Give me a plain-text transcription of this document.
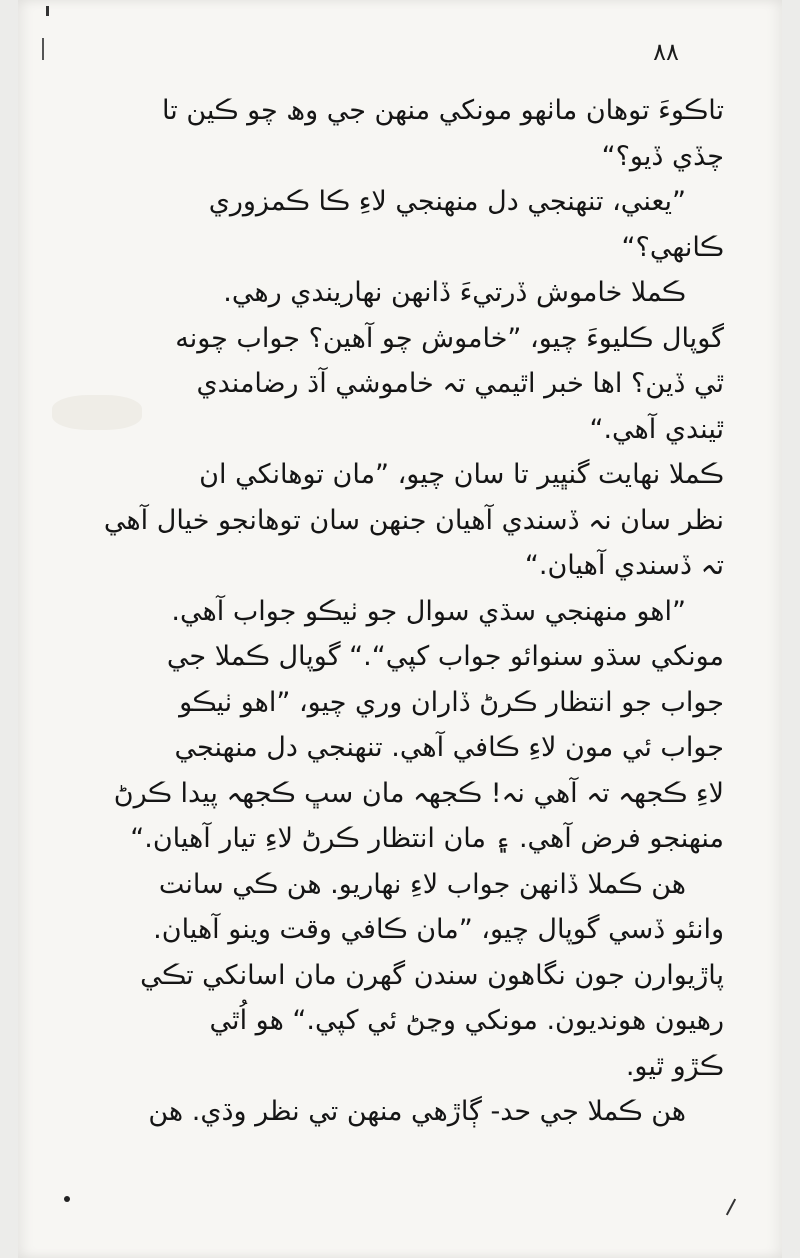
٨٨

تاڪوءَ توهان ماٺهو مونکي منهن جي وھ چو ڪين تا

چڏي ڏيو؟“

”يعني، تنهنجي دل منهنجي لاءِ ڪا ڪمزوري

ڪانهي؟“

ڪملا خاموش ڏرتيءَ ڏانهن نهاريندي رهي.

گوپال ڪليوءَ چيو، ”خاموش چو آهين؟ جواب چونه

ٿي ڏين؟ اها خبر اٿيمي تہ خاموشي آڌ رضامندي

ٿيندي آهي.“

ڪملا نهايت گنڀير تا سان چيو، ”مان توهانکي ان

نظر سان نہ ڏسندي آهيان جنهن سان توهانجو خيال آهي

تہ ڏسندي آهيان.“

”اهو منهنجي سڌي سوال جو ٺيڪو جواب آهي.

مونکي سڌو سنوائو جواب کپي“.“ گوپال ڪملا جي

جواب جو انتظار ڪرڻ ڏاران وري چيو، ”اهو ٺيڪو

جواب ئي مون لاءِ ڪافي آهي. تنهنجي دل منهنجي

لاءِ ڪجهہ تہ آهي نہ! ڪجهہ مان سڀ ڪجهہ پيدا ڪرڻ

منهنجو فرض آهي. ۽ مان انتظار ڪرڻ لاءِ تيار آهيان.“

هن ڪملا ڏانهن جواب لاءِ نهاريو. هن ڪي سانت

وانئو ڏسي گوپال چيو، ”مان ڪافي وقت وينو آهيان.

پاڙيوارن جون نگاهون سندن گهرن مان اسانکي تڪي

رهيون هونديون. مونکي وڃڻ ئي کپي.“ هو اُٿي

ڪڙو ٿيو.

هن ڪملا جي حد- ڳاڙهي منهن تي نظر وڌي. هن
